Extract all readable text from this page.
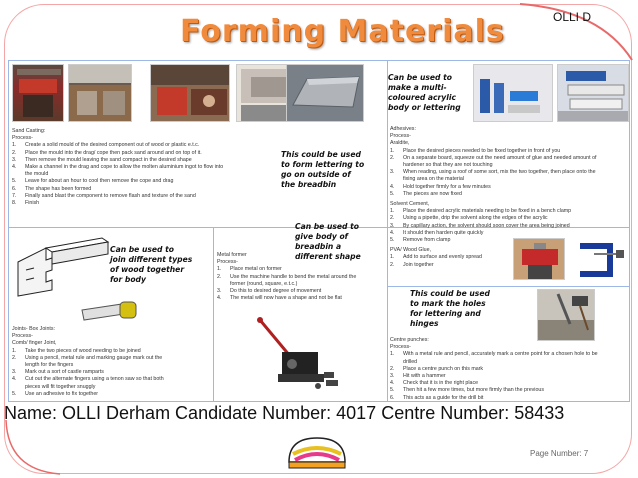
Forming Materials	OLLI D
Sand Casting:
Process-
1. Create a solid mould of the desired component out of wood or plastic e.t.c.
2. Place the mould into the drag/ cope then pack sand around and on top of it.
3. Then remove the mould leaving the sand compact in the desired shape
4. Make a channel in the drag and cope to allow the molten aluminium ingot to flow into
the mould
5. Leave for about an hour to cool then remove the cope and drag
6. The shape has been formed
7. Finally sand blast the component to remove flash and texture of the sand
8. Finish
This could be used
to form lettering to
go on outside of
the breadbin
Can be used to
make a multi-
coloured acrylic
body or lettering
Adhesives:
Process-
Araldite,
1. Place the desired pieces needed to be fixed together in front of you
2. On a separate board, squeeze out the need amount of glue and needed amount of
hardener so that they are not touching
3. When reading, using a roof of some sort, mix the two together, then place onto the
fixing area on the material
4. Hold together firmly for a few minutes
5. The pieces are now fixed
Solvent Cement,
1. Place the desired acrylic materials needing to be fixed in a bench clamp
2. Using a pipette, drip the solvent along the edges of the acrylic
3. By capillary action, the solvent should soon cover the area being joined
4. It should then harden quite quickly
5. Remove from clamp
PVA/ Wood Glue,
1. Add to surface and evenly spread
2. Join together
Can be used to
join different types
of wood together
for body
Joints- Box Joints:
Process-
Comb/ finger Joint,
1. Take the two pieces of wood needing to be joined
2. Using a pencil, metal rule and marking gauge mark out the
length for the fingers
3. Mark out a sort of castle ramparts
4. Cut out the alternate fingers using a tenon saw so that both
pieces will fit together snuggly
5. Use an adhesive to fix together
Can be used to
give body of
breadbin a
different shape
Metal former
Process-
1. Place metal on former
2. Use the machine handle to bend the metal around the
former (round, square, e.t.c.)
3. Do this to desired degree of movement
4. The metal will now have a shape and not be flat
This could be used
to mark the holes
for lettering and
hinges
Centre punches:
Process-
1. With a metal rule and pencil, accurately mark a centre point for a chosen hole to be
drilled
2. Place a centre punch on this mark
3. Hit with a hammer
4. Check that it is in the right place
5. Then hit a few more times, but more firmly than the previous
6. This acts as a guide for the drill bit
Name: OLLI Derham Candidate Number: 4017 Centre Number: 58433
Page Number: 7
